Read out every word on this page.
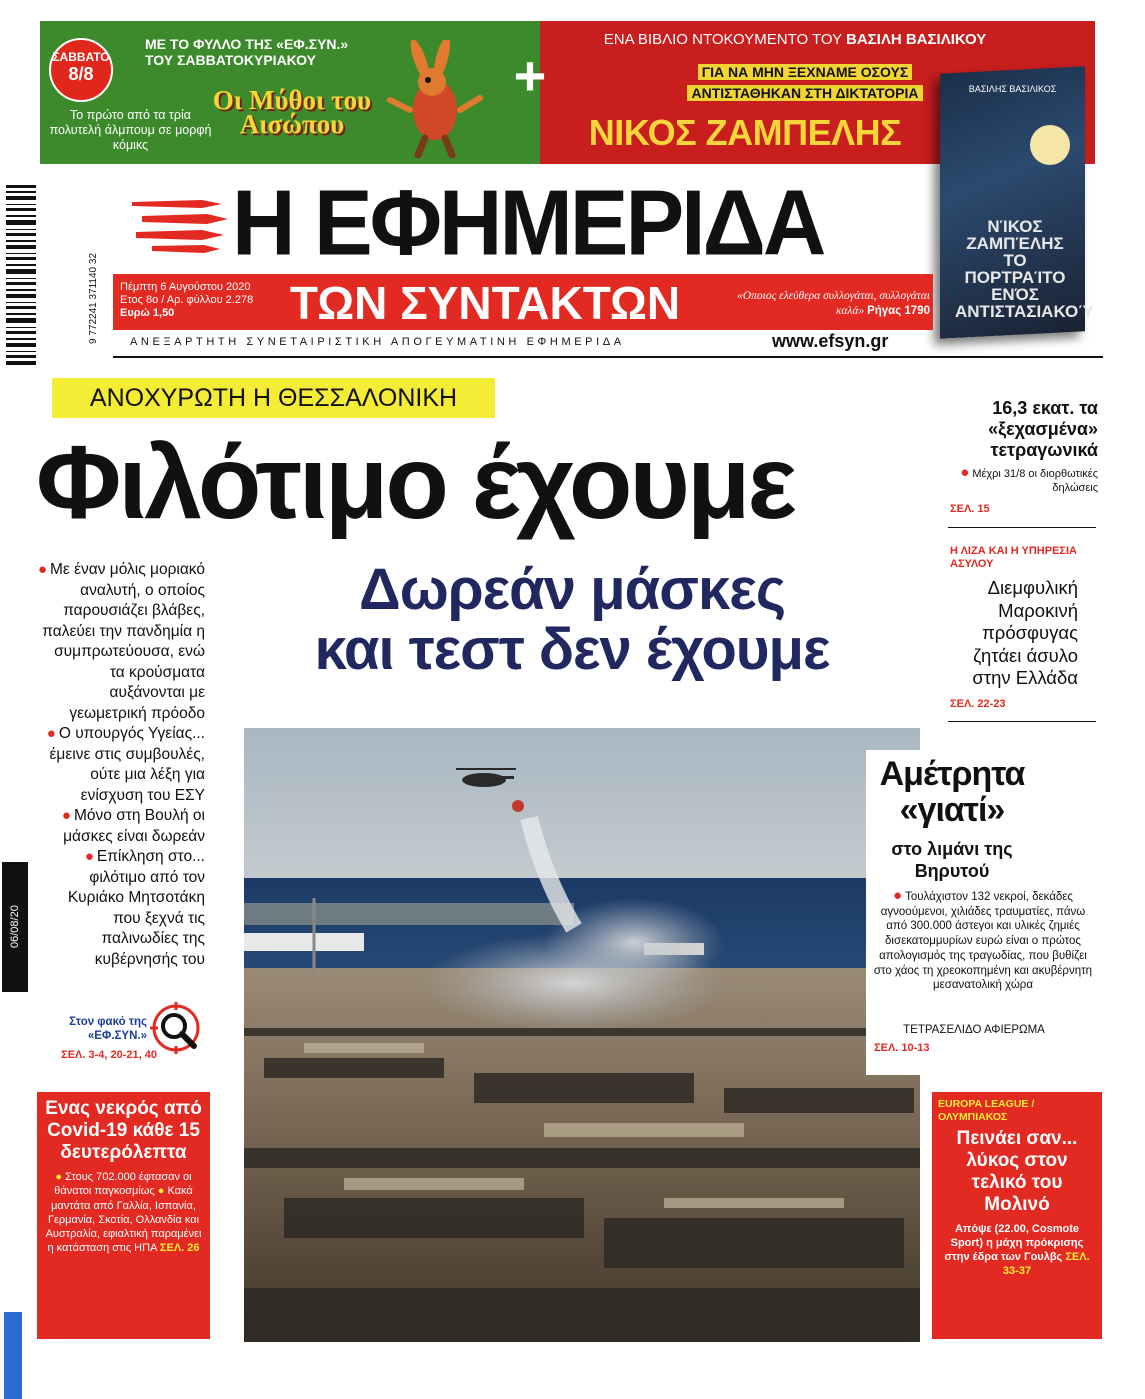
ΣΑΒΒΑΤΟ
8/8
ΜΕ ΤΟ ΦΥΛΛΟ ΤΗΣ «ΕΦ.ΣΥΝ.» ΤΟΥ ΣΑΒΒΑΤΟΚΥΡΙΑΚΟΥ
Το πρώτο από τα τρία πολυτελή άλμπουμ σε μορφή κόμικς
Οι Μύθοι του Αισώπου
+
ΕΝΑ ΒΙΒΛΙΟ ΝΤΟΚΟΥΜΕΝΤΟ ΤΟΥ ΒΑΣΙΛΗ ΒΑΣΙΛΙΚΟΥ
ΓΙΑ ΝΑ ΜΗΝ ΞΕΧΝΑΜΕ ΟΣΟΥΣ
ΑΝΤΙΣΤΑΘΗΚΑΝ ΣΤΗ ΔΙΚΤΑΤΟΡΙΑ
ΝΙΚΟΣ ΖΑΜΠΕΛΗΣ
ΒΑΣΙΛΗΣ ΒΑΣΙΛΙΚΟΣ
ΝΊΚΟΣ ΖΑΜΠΈΛΗΣ ΤΟ ΠΟΡΤΡΑΊΤΟ ΕΝΌΣ ΑΝΤΙΣΤΑΣΙΑΚΟΎ
9 772241 371140 32
Η ΕΦΗΜΕΡΙΔΑ
Πέμπτη 6 Αυγούστου 2020
Ετος 8ο / Αρ. φύλλου 2.278
Ευρώ 1,50	ΤΩΝ ΣΥΝΤΑΚΤΩΝ	«Οποιος ελεύθερα συλλογάται, συλλογάται καλά» Ρήγας 1790
ΑΝΕΞΑΡΤΗΤΗ ΣΥΝΕΤΑΙΡΙΣΤΙΚΗ ΑΠΟΓΕΥΜΑΤΙΝΗ ΕΦΗΜΕΡΙΔΑ	www.efsyn.gr
ΑΝΟΧΥΡΩΤΗ Η ΘΕΣΣΑΛΟΝΙΚΗ
Φιλότιμο έχουμε
Δωρεάν μάσκες
και τεστ δεν έχουμε

● Με έναν μόλις μοριακό αναλυτή, ο οποίος παρουσιάζει βλάβες, παλεύει την πανδημία η συμπρωτεύουσα, ενώ τα κρούσματα αυξάνονται με γεωμετρική πρόοδο

● Ο υπουργός Υγείας... έμεινε στις συμβουλές, ούτε μια λέξη για ενίσχυση του ΕΣΥ

● Μόνο στη Βουλή οι μάσκες είναι δωρεάν

● Επίκληση στο... φιλότιμο από τον Κυριάκο Μητσοτάκη που ξεχνά τις παλινωδίες της κυβέρνησής του

Στον φακό της «ΕΦ.ΣΥΝ.»
ΣΕΛ. 3-4, 20-21, 40
06/08/20
Ενας νεκρός από Covid-19 κάθε 15 δευτερόλεπτα
● Στους 702.000 έφτασαν οι θάνατοι παγκοσμίως ● Κακά μαντάτα από Γαλλία, Ισπανία, Γερμανία, Σκοτία, Ολλανδία και Αυστραλία, εφιαλτική παραμένει η κατάσταση στις ΗΠΑ ΣΕΛ. 26
16,3 εκατ. τα «ξεχασμένα» τετραγωνικά
● Μέχρι 31/8 οι διορθωτικές δηλώσεις
ΣΕΛ. 15
Η ΛΙΖΑ ΚΑΙ Η ΥΠΗΡΕΣΙΑ ΑΣΥΛΟΥ
Διεμφυλική Μαροκινή πρόσφυγας ζητάει άσυλο στην Ελλάδα
ΣΕΛ. 22-23
Αμέτρητα «γιατί»
στο λιμάνι της Βηρυτού
● Τουλάχιστον 132 νεκροί, δεκάδες αγνοούμενοι, χιλιάδες τραυματίες, πάνω από 300.000 άστεγοι και υλικές ζημιές δισεκατομμυρίων ευρώ είναι ο πρώτος απολογισμός της τραγωδίας, που βυθίζει στο χάος τη χρεοκοπημένη και ακυβέρνητη μεσανατολική χώρα
ΤΕΤΡΑΣΕΛΙΔΟ ΑΦΙΕΡΩΜΑ
ΣΕΛ. 10-13
EUROPA LEAGUE / ΟΛΥΜΠΙΑΚΟΣ
Πεινάει σαν... λύκος στον τελικό του Μολινό
Απόψε (22.00, Cosmote Sport) η μάχη πρόκρισης στην έδρα των Γουλβς ΣΕΛ. 33-37
